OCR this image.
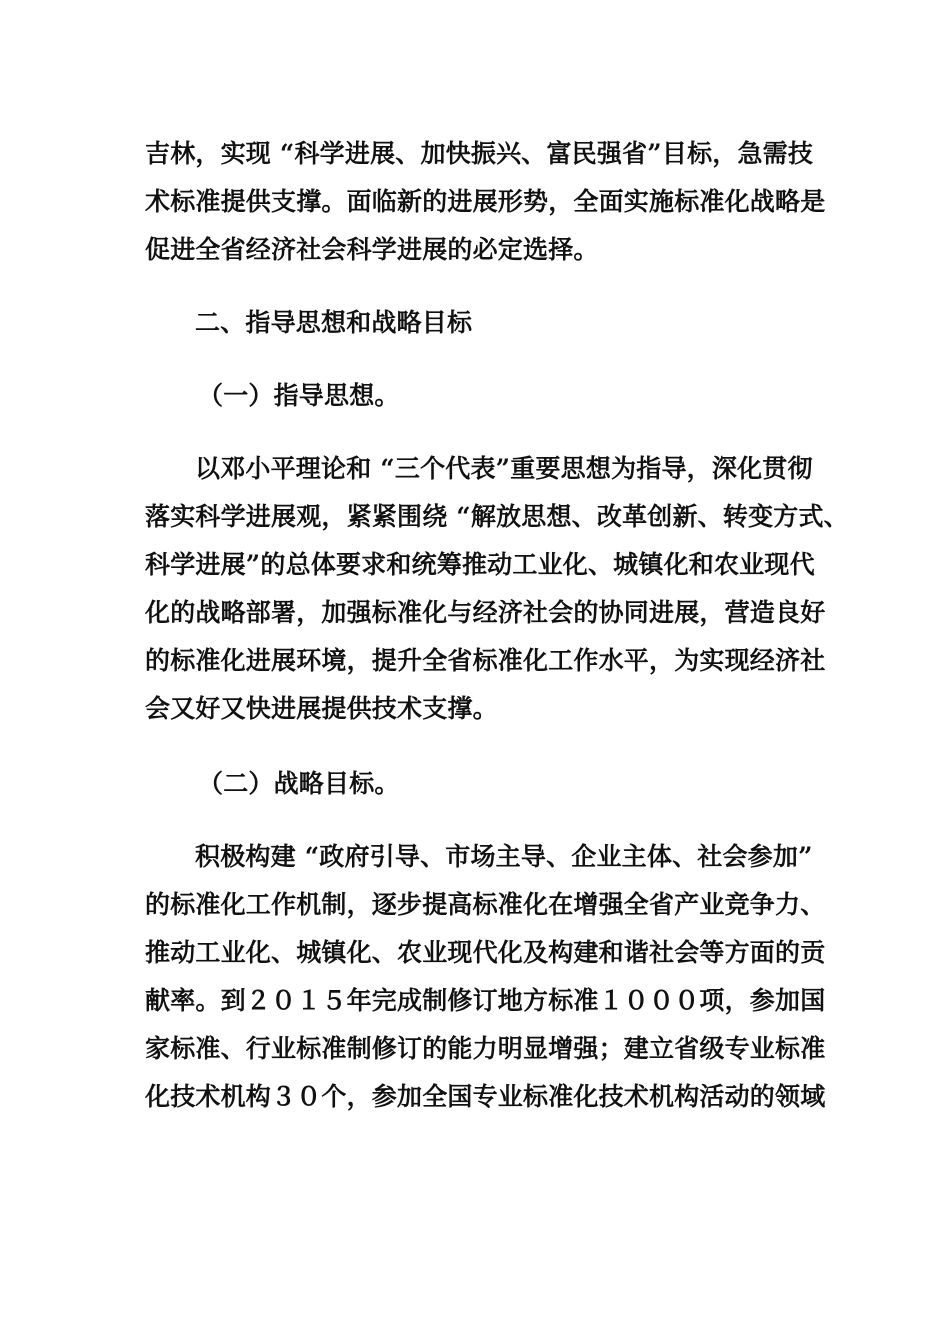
吉林，实现 “科学进展、加快振兴、富民强省”目标，急需技

术标准提供支撑。面临新的进展形势，全面实施标准化战略是

促进全省经济社会科学进展的必定选择。

二、指导思想和战略目标

（一）指导思想。

以邓小平理论和 “三个代表”重要思想为指导，深化贯彻

落实科学进展观，紧紧围绕 “解放思想、改革创新、转变方式、

科学进展”的总体要求和统筹推动工业化、城镇化和农业现代

化的战略部署，加强标准化与经济社会的协同进展，营造良好

的标准化进展环境，提升全省标准化工作水平，为实现经济社

会又好又快进展提供技术支撑。

（二）战略目标。

积极构建 “政府引导、市场主导、企业主体、社会参加”

的标准化工作机制，逐步提高标准化在增强全省产业竞争力、

推动工业化、城镇化、农业现代化及构建和谐社会等方面的贡

献率。到２０１５年完成制修订地方标准１０００项，参加国

家标准、行业标准制修订的能力明显增强；建立省级专业标准

化技术机构３０个，参加全国专业标准化技术机构活动的领域
